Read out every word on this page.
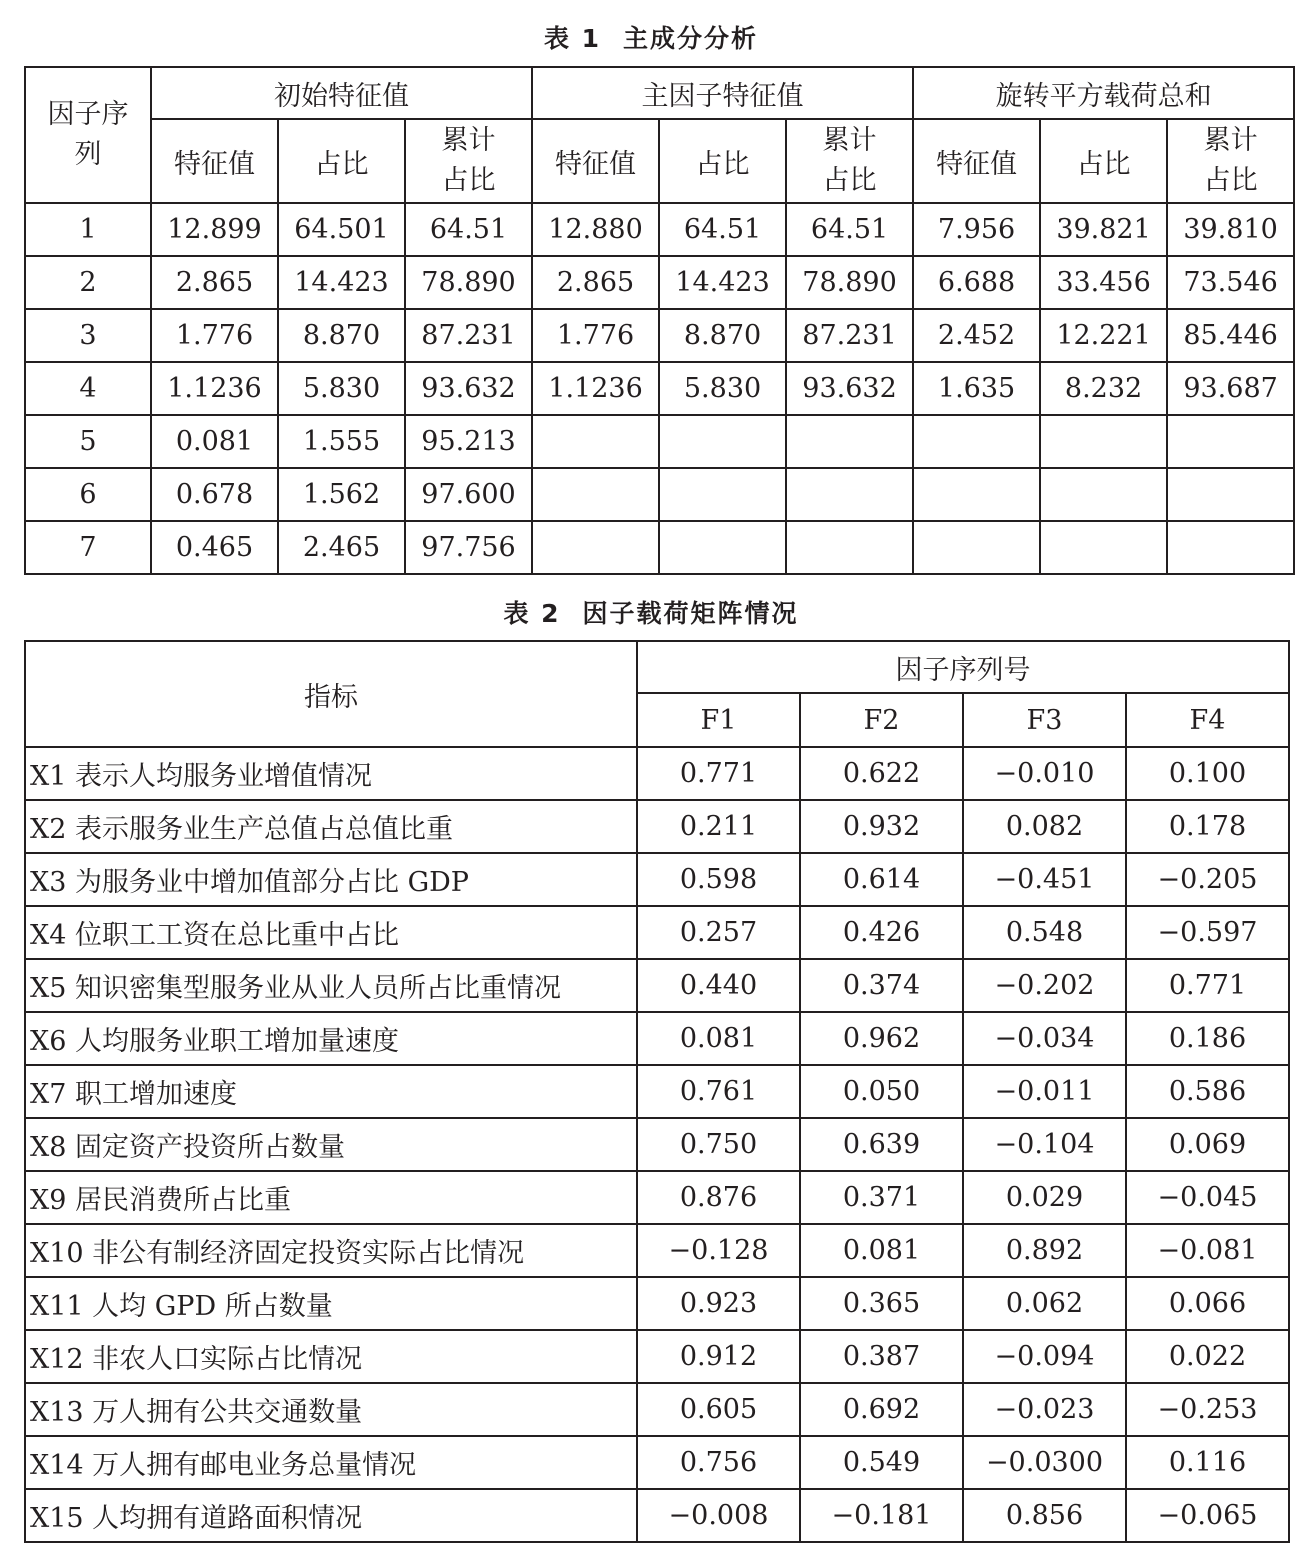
表 1 主成分分析
因子序列	初始特征值			主因子特征值			旋转平方载荷总和		
	特征值	占比	累计占比	特征值	占比	累计占比	特征值	占比	累计占比
1	12.899	64.501	64.51	12.880	64.51	64.51	7.956	39.821	39.810
2	2.865	14.423	78.890	2.865	14.423	78.890	6.688	33.456	73.546
3	1.776	8.870	87.231	1.776	8.870	87.231	2.452	12.221	85.446
4	1.1236	5.830	93.632	1.1236	5.830	93.632	1.635	8.232	93.687
5	0.081	1.555	95.213						
6	0.678	1.562	97.600						
7	0.465	2.465	97.756						
表 2 因子载荷矩阵情况
指标	因子序列号			
	F1	F2	F3	F4
X1 表示人均服务业增值情况	0.771	0.622	−0.010	0.100
X2 表示服务业生产总值占总值比重	0.211	0.932	0.082	0.178
X3 为服务业中增加值部分占比 GDP	0.598	0.614	−0.451	−0.205
X4 位职工工资在总比重中占比	0.257	0.426	0.548	−0.597
X5 知识密集型服务业从业人员所占比重情况	0.440	0.374	−0.202	0.771
X6 人均服务业职工增加量速度	0.081	0.962	−0.034	0.186
X7 职工增加速度	0.761	0.050	−0.011	0.586
X8 固定资产投资所占数量	0.750	0.639	−0.104	0.069
X9 居民消费所占比重	0.876	0.371	0.029	−0.045
X10 非公有制经济固定投资实际占比情况	−0.128	0.081	0.892	−0.081
X11 人均 GPD 所占数量	0.923	0.365	0.062	0.066
X12 非农人口实际占比情况	0.912	0.387	−0.094	0.022
X13 万人拥有公共交通数量	0.605	0.692	−0.023	−0.253
X14 万人拥有邮电业务总量情况	0.756	0.549	−0.0300	0.116
X15 人均拥有道路面积情况	−0.008	−0.181	0.856	−0.065
